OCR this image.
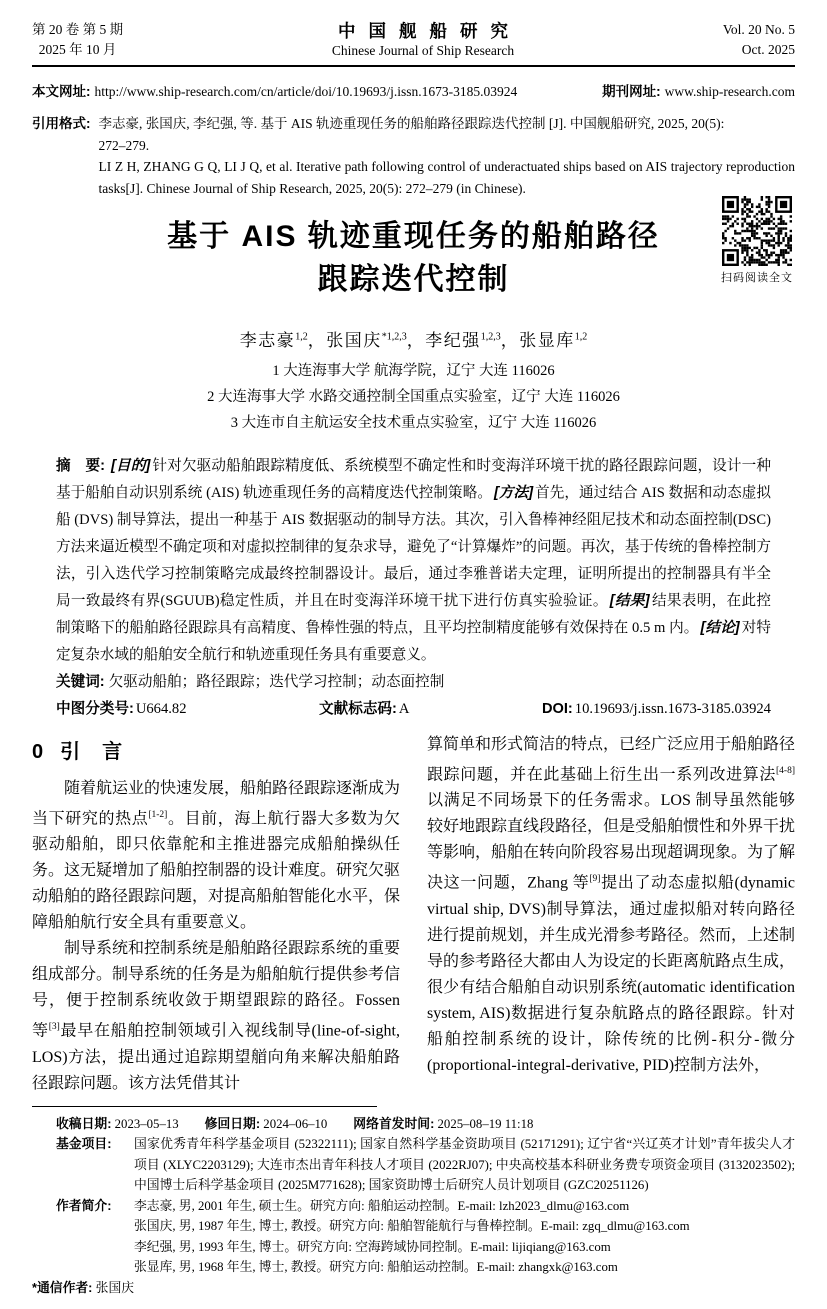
第 20 卷 第 5 期
2025 年 10 月
中国舰船研究
Chinese Journal of Ship Research
Vol. 20 No. 5
Oct. 2025
本文网址: http://www.ship-research.com/cn/article/doi/10.19693/j.issn.1673-3185.03924	期刊网址: www.ship-research.com
引用格式: 李志豪, 张国庆, 李纪强, 等. 基于 AIS 轨迹重现任务的船舶路径跟踪迭代控制 [J]. 中国舰船研究, 2025, 20(5):
272–279.
LI Z H, ZHANG G Q, LI J Q, et al. Iterative path following control of underactuated ships based on AIS trajectory reproduction tasks[J]. Chinese Journal of Ship Research, 2025, 20(5): 272–279 (in Chinese).
基于 AIS 轨迹重现任务的船舶路径
跟踪迭代控制	扫码阅读全文
李志豪$^{1,2}$，张国庆$^{*1,2,3}$，李纪强$^{1,2,3}$，张显库$^{1,2}$
1 大连海事大学 航海学院，辽宁 大连 116026
2 大连海事大学 水路交通控制全国重点实验室，辽宁 大连 116026
3 大连市自主航运安全技术重点实验室，辽宁 大连 116026

摘　要: [目的] 针对欠驱动船舶跟踪精度低、系统模型不确定性和时变海洋环境干扰的路径跟踪问题，设计一种基于船舶自动识别系统 (AIS) 轨迹重现任务的高精度迭代控制策略。 [方法] 首先，通过结合 AIS 数据和动态虚拟船 (DVS) 制导算法，提出一种基于 AIS 数据驱动的制导方法。其次，引入鲁棒神经阻尼技术和动态面控制(DSC)方法来逼近模型不确定项和对虚拟控制律的复杂求导，避免了“计算爆炸”的问题。再次，基于传统的鲁棒控制方法，引入迭代学习控制策略完成最终控制器设计。最后，通过李雅普诺夫定理，证明所提出的控制器具有半全局一致最终有界(SGUUB)稳定性质，并且在时变海洋环境干扰下进行仿真实验验证。 [结果] 结果表明，在此控制策略下的船舶路径跟踪具有高精度、鲁棒性强的特点，且平均控制精度能够有效保持在 0.5 m 内。 [结论] 对特定复杂水域的船舶安全航行和轨迹重现任务具有重要意义。

关键词: 欠驱动船舶；路径跟踪；迭代学习控制；动态面控制

中图分类号: U664.82	文献标志码: A	DOI: 10.19693/j.issn.1673-3185.03924
0 引　言

随着航运业的快速发展，船舶路径跟踪逐渐成为当下研究的热点[1-2]。目前，海上航行器大多数为欠驱动船舶，即只依靠舵和主推进器完成船舶操纵任务。这无疑增加了船舶控制器的设计难度。研究欠驱动船舶的路径跟踪问题，对提高船舶智能化水平，保障船舶航行安全具有重要意义。

制导系统和控制系统是船舶路径跟踪系统的重要组成部分。制导系统的任务是为船舶航行提供参考信号，便于控制系统收敛于期望跟踪的路径。Fossen 等[3]最早在船舶控制领域引入视线制导(line-of-sight, LOS)方法，提出通过追踪期望艏向角来解决船舶路径跟踪问题。该方法凭借其计

算简单和形式简洁的特点，已经广泛应用于船舶路径跟踪问题，并在此基础上衍生出一系列改进算法[4-8]以满足不同场景下的任务需求。LOS 制导虽然能够较好地跟踪直线段路径，但是受船舶惯性和外界干扰等影响，船舶在转向阶段容易出现超调现象。为了解决这一问题，Zhang 等[9]提出了动态虚拟船(dynamic virtual ship, DVS)制导算法，通过虚拟船对转向路径进行提前规划，并生成光滑参考路径。然而，上述制导的参考路径大都由人为设定的长距离航路点生成，很少有结合船舶自动识别系统(automatic identification system, AIS)数据进行复杂航路点的路径跟踪。针对船舶控制系统的设计，除传统的比例-积分-微分(proportional-integral-derivative, PID)控制方法外，

收稿日期:
2023–05–13 修回日期:
2024–06–10 网络首发时间:
2025–08–19 11:18
基金项目:	国家优秀青年科学基金项目 (52322111); 国家自然科学基金资助项目 (52171291); 辽宁省“兴辽英才计划”青年拔尖人才项目 (XLYC2203129); 大连市杰出青年科技人才项目 (2022RJ07); 中央高校基本科研业务费专项资金项目 (3132023502); 中国博士后科学基金项目 (2025M771628); 国家资助博士后研究人员计划项目 (GZC20251126)
作者简介:	李志豪, 男, 2001 年生, 硕士生。研究方向: 船舶运动控制。E-mail: lzh2023_dlmu@163.com
张国庆, 男, 1987 年生, 博士, 教授。研究方向: 船舶智能航行与鲁棒控制。E-mail: zgq_dlmu@163.com
李纪强, 男, 1993 年生, 博士。研究方向: 空海跨域协同控制。E-mail: lijiqiang@163.com
张显库, 男, 1968 年生, 博士, 教授。研究方向: 船舶运动控制。E-mail: zhangxk@163.com
*通信作者:
张国庆
